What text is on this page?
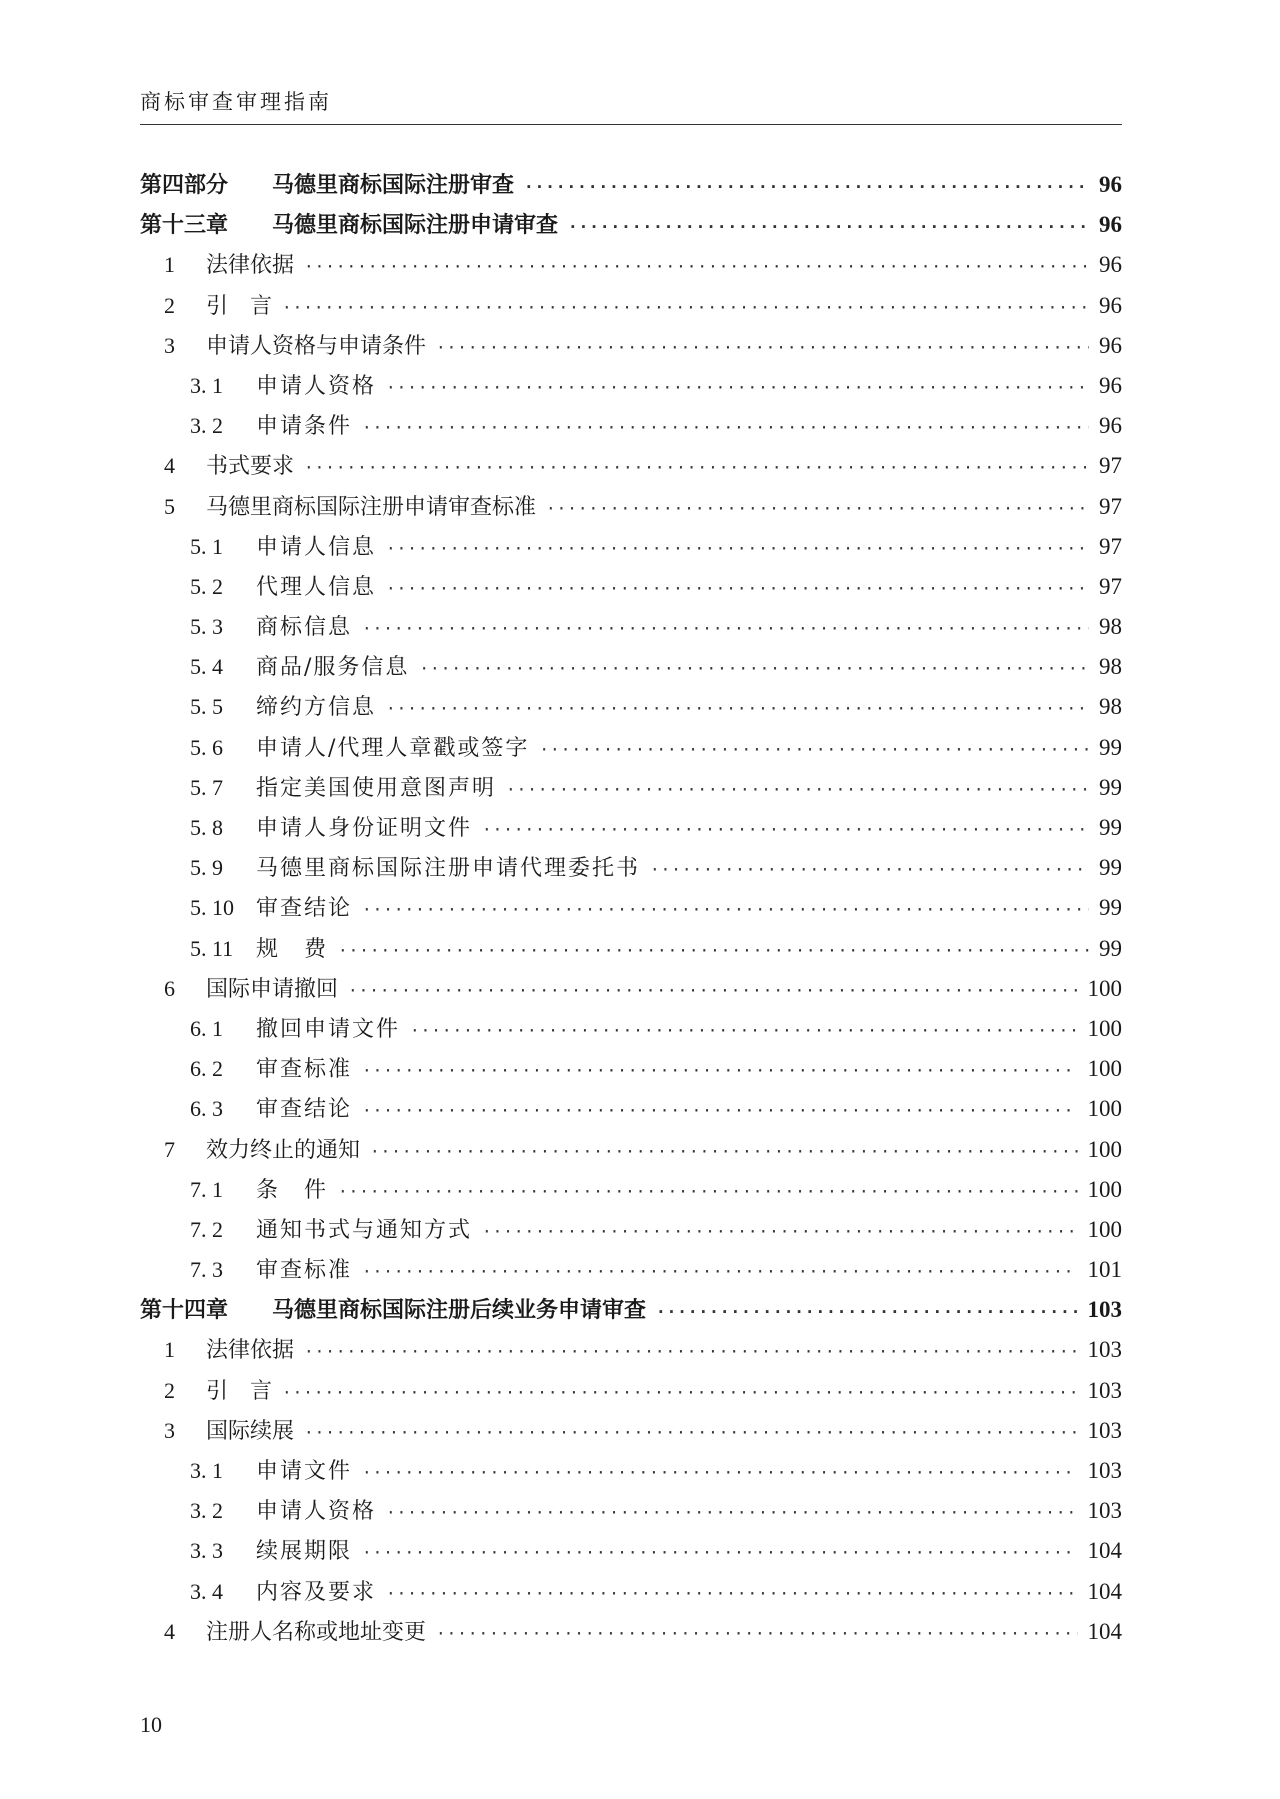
商标审查审理指南
第四部分	马德里商标国际注册审查 ·····	96
第十三章	马德里商标国际注册申请审查 ·····	96
1	法律依据 ·····	96
2	引　言 ·····	96
3	申请人资格与申请条件 ·····	96
3. 1	申请人资格 ·····	96
3. 2	申请条件 ·····	96
4	书式要求 ·····	97
5	马德里商标国际注册申请审查标准 ·····	97
5. 1	申请人信息 ·····	97
5. 2	代理人信息 ·····	97
5. 3	商标信息 ·····	98
5. 4	商品/服务信息 ·····	98
5. 5	缔约方信息 ·····	98
5. 6	申请人/代理人章戳或签字 ·····	99
5. 7	指定美国使用意图声明 ·····	99
5. 8	申请人身份证明文件 ·····	99
5. 9	马德里商标国际注册申请代理委托书 ·····	99
5. 10	审查结论 ·····	99
5. 11	规　费 ·····	99
6	国际申请撤回 ·····	100
6. 1	撤回申请文件 ·····	100
6. 2	审查标准 ·····	100
6. 3	审查结论 ·····	100
7	效力终止的通知 ·····	100
7. 1	条　件 ·····	100
7. 2	通知书式与通知方式 ·····	100
7. 3	审查标准 ·····	101
第十四章	马德里商标国际注册后续业务申请审查 ·····	103
1	法律依据 ·····	103
2	引　言 ·····	103
3	国际续展 ·····	103
3. 1	申请文件 ·····	103
3. 2	申请人资格 ·····	103
3. 3	续展期限 ·····	104
3. 4	内容及要求 ·····	104
4	注册人名称或地址变更 ·····	104
10
